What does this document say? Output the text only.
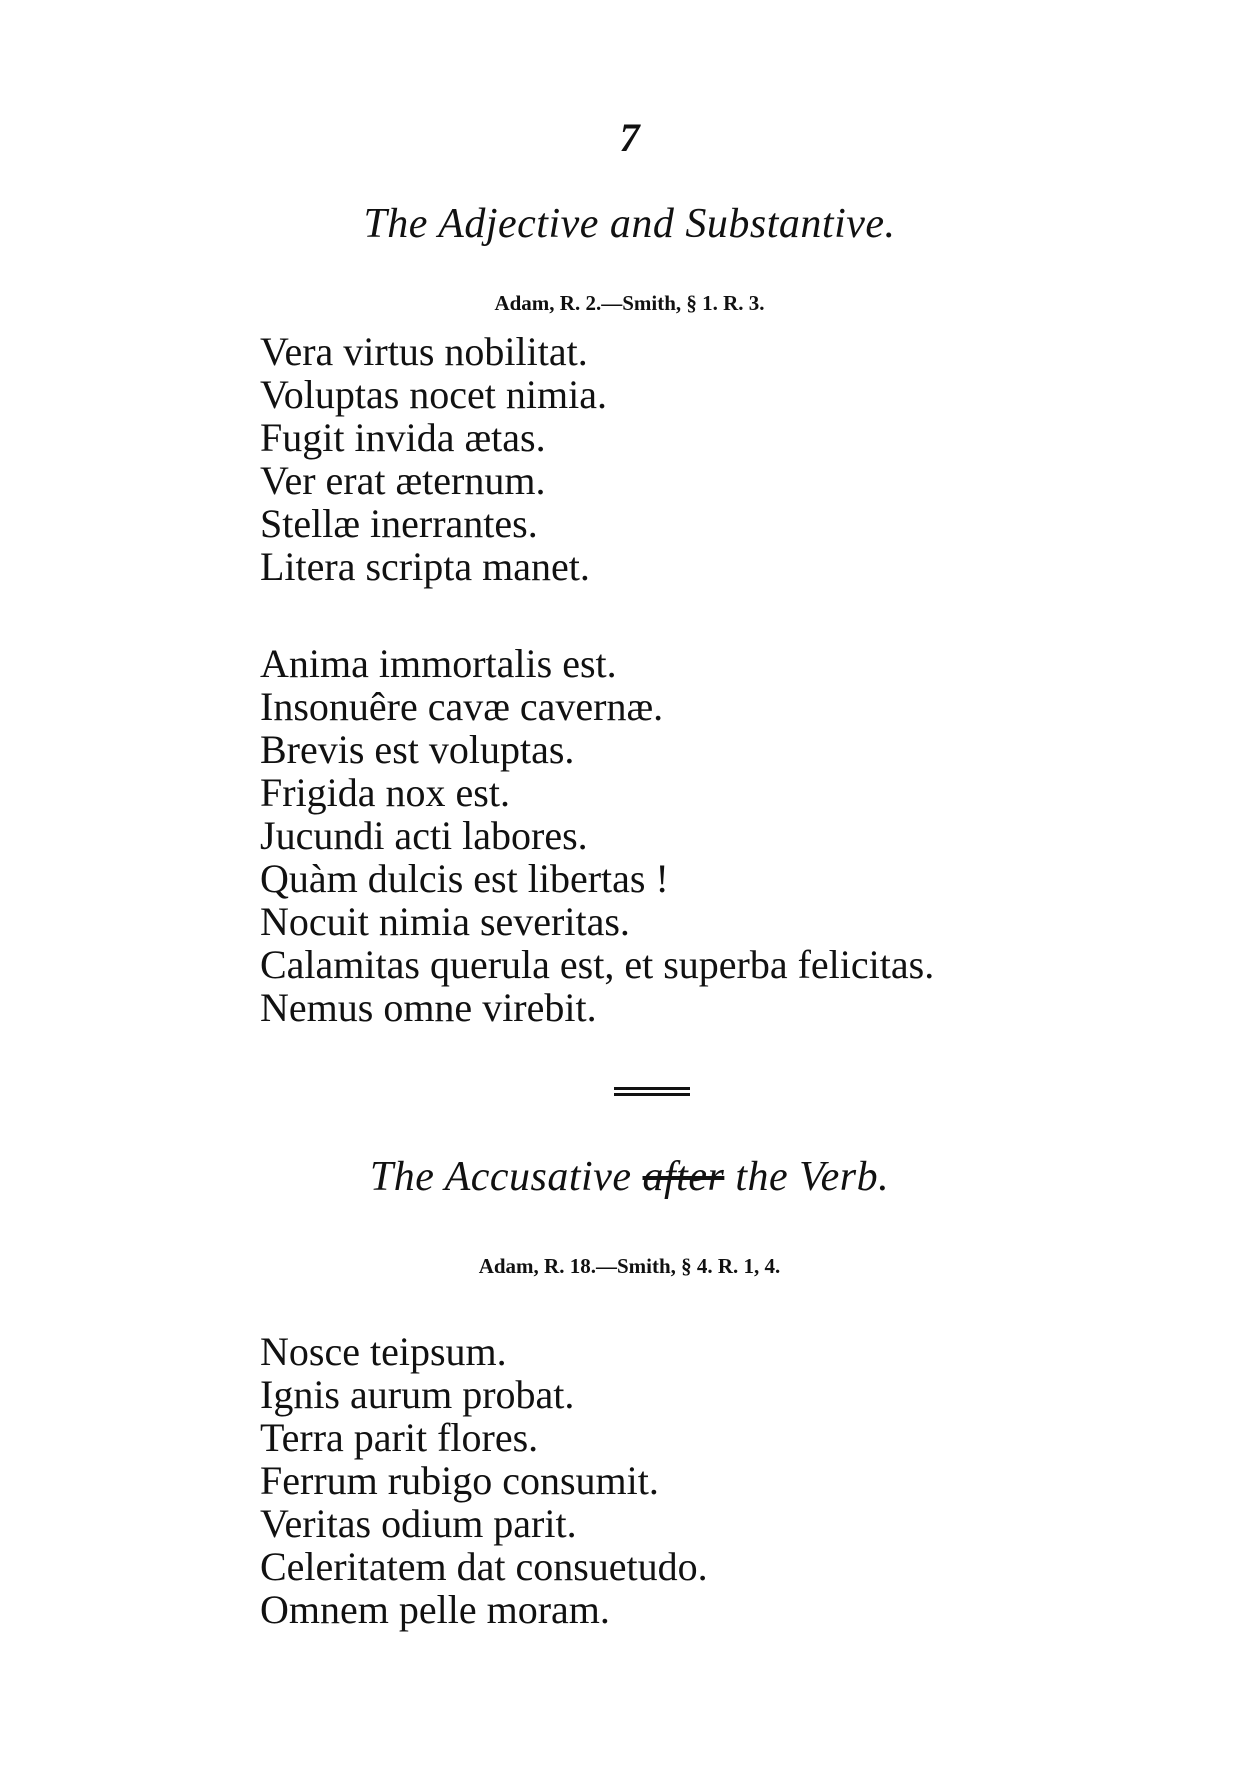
7
The Adjective and Substantive.
Adam, R. 2.—Smith, § 1. R. 3.
Vera virtus nobilitat.
Voluptas nocet nimia.
Fugit invida ætas.
Ver erat æternum.
Stellæ inerrantes.
Litera scripta manet.
Anima immortalis est.
Insonuêre cavæ cavernæ.
Brevis est voluptas.
Frigida nox est.
Jucundi acti labores.
Quàm dulcis est libertas !
Nocuit nimia severitas.
Calamitas querula est, et superba felicitas.
Nemus omne virebit.
The Accusative after the Verb.
Adam, R. 18.—Smith, § 4. R. 1, 4.
Nosce teipsum.
Ignis aurum probat.
Terra parit flores.
Ferrum rubigo consumit.
Veritas odium parit.
Celeritatem dat consuetudo.
Omnem pelle moram.
